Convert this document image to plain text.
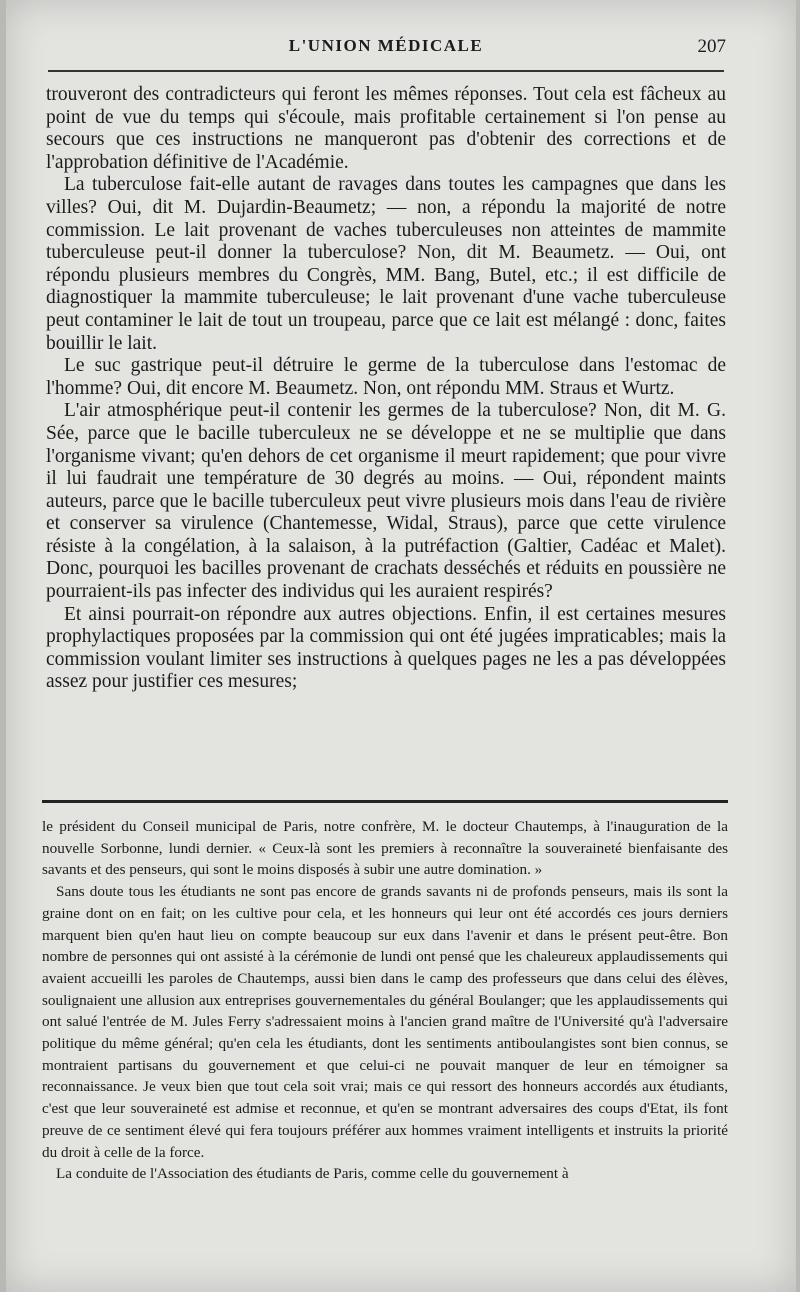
L'UNION MÉDICALE	207

trouveront des contradicteurs qui feront les mêmes réponses. Tout cela est fâcheux au point de vue du temps qui s'écoule, mais profitable certainement si l'on pense au secours que ces instructions ne manqueront pas d'obtenir des corrections et de l'approbation définitive de l'Académie.

La tuberculose fait-elle autant de ravages dans toutes les campagnes que dans les villes? Oui, dit M. Dujardin-Beaumetz; — non, a répondu la majorité de notre commission. Le lait provenant de vaches tuberculeuses non atteintes de mammite tuberculeuse peut-il donner la tuberculose? Non, dit M. Beaumetz. — Oui, ont répondu plusieurs membres du Congrès, MM. Bang, Butel, etc.; il est difficile de diagnostiquer la mammite tuberculeuse; le lait provenant d'une vache tuberculeuse peut contaminer le lait de tout un troupeau, parce que ce lait est mélangé : donc, faites bouillir le lait.

Le suc gastrique peut-il détruire le germe de la tuberculose dans l'estomac de l'homme? Oui, dit encore M. Beaumetz. Non, ont répondu MM. Straus et Wurtz.

L'air atmosphérique peut-il contenir les germes de la tuberculose? Non, dit M. G. Sée, parce que le bacille tuberculeux ne se développe et ne se multiplie que dans l'organisme vivant; qu'en dehors de cet organisme il meurt rapidement; que pour vivre il lui faudrait une température de 30 degrés au moins. — Oui, répondent maints auteurs, parce que le bacille tuberculeux peut vivre plusieurs mois dans l'eau de rivière et conserver sa virulence (Chantemesse, Widal, Straus), parce que cette virulence résiste à la congélation, à la salaison, à la putréfaction (Galtier, Cadéac et Malet). Donc, pourquoi les bacilles provenant de crachats desséchés et réduits en poussière ne pourraient-ils pas infecter des individus qui les auraient respirés?

Et ainsi pourrait-on répondre aux autres objections. Enfin, il est certaines mesures prophylactiques proposées par la commission qui ont été jugées impraticables; mais la commission voulant limiter ses instructions à quelques pages ne les a pas développées assez pour justifier ces mesures;

le président du Conseil municipal de Paris, notre confrère, M. le docteur Chautemps, à l'inauguration de la nouvelle Sorbonne, lundi dernier. « Ceux-là sont les premiers à reconnaître la souveraineté bienfaisante des savants et des penseurs, qui sont le moins disposés à subir une autre domination. »

Sans doute tous les étudiants ne sont pas encore de grands savants ni de profonds penseurs, mais ils sont la graine dont on en fait; on les cultive pour cela, et les honneurs qui leur ont été accordés ces jours derniers marquent bien qu'en haut lieu on compte beaucoup sur eux dans l'avenir et dans le présent peut-être. Bon nombre de personnes qui ont assisté à la cérémonie de lundi ont pensé que les chaleureux applaudissements qui avaient accueilli les paroles de Chautemps, aussi bien dans le camp des professeurs que dans celui des élèves, soulignaient une allusion aux entreprises gouvernementales du général Boulanger; que les applaudissements qui ont salué l'entrée de M. Jules Ferry s'adressaient moins à l'ancien grand maître de l'Université qu'à l'adversaire politique du même général; qu'en cela les étudiants, dont les sentiments antiboulangistes sont bien connus, se montraient partisans du gouvernement et que celui-ci ne pouvait manquer de leur en témoigner sa reconnaissance. Je veux bien que tout cela soit vrai; mais ce qui ressort des honneurs accordés aux étudiants, c'est que leur souveraineté est admise et reconnue, et qu'en se montrant adversaires des coups d'Etat, ils font preuve de ce sentiment élevé qui fera toujours préférer aux hommes vraiment intelligents et instruits la priorité du droit à celle de la force.

La conduite de l'Association des étudiants de Paris, comme celle du gouvernement à
